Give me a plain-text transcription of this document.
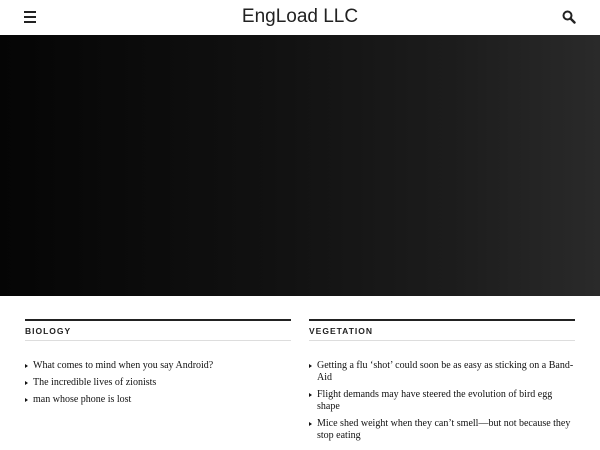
EngLoad LLC
BIOLOGY
What comes to mind when you say Android?
The incredible lives of zionists
man whose phone is lost
VEGETATION
Getting a flu ‘shot’ could soon be as easy as sticking on a Band-Aid
Flight demands may have steered the evolution of bird egg shape
Mice shed weight when they can’t smell—but not because they stop eating
